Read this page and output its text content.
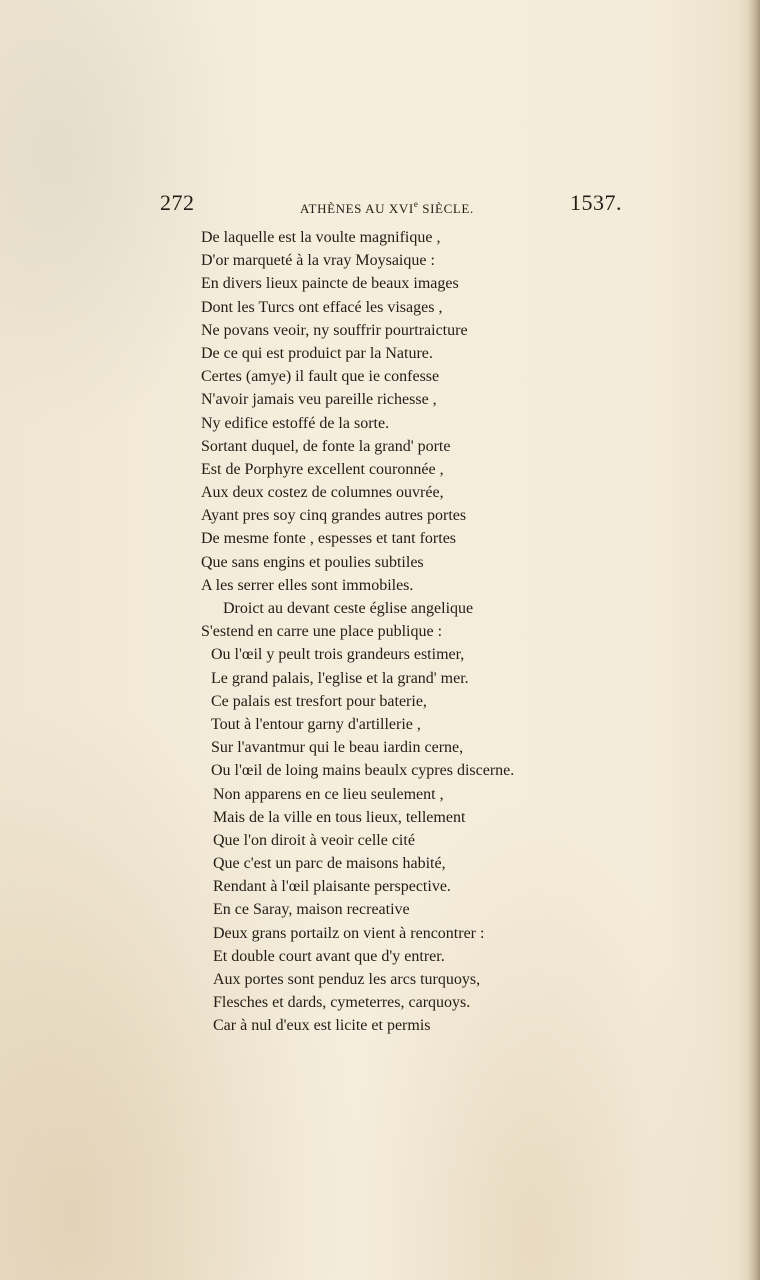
272	ATHÈNES AU XVIe SIÈCLE.	1537.
De laquelle est la voulte magnifique ,
D'or marqueté à la vray Moysaique :
En divers lieux paincte de beaux images
Dont les Turcs ont effacé les visages ,
Ne povans veoir, ny souffrir pourtraicture
De ce qui est produict par la Nature.
Certes (amye) il fault que ie confesse
N'avoir jamais veu pareille richesse ,
Ny edifice estoffé de la sorte.
Sortant duquel, de fonte la grand' porte
Est de Porphyre excellent couronnée ,
Aux deux costez de columnes ouvrée,
Ayant pres soy cinq grandes autres portes
De mesme fonte , espesses et tant fortes
Que sans engins et poulies subtiles
A les serrer elles sont immobiles.
Droict au devant ceste église angelique
S'estend en carre une place publique :
Ou l'œil y peult trois grandeurs estimer,
Le grand palais, l'eglise et la grand' mer.
Ce palais est tresfort pour baterie,
Tout à l'entour garny d'artillerie ,
Sur l'avantmur qui le beau iardin cerne,
Ou l'œil de loing mains beaulx cypres discerne.
Non apparens en ce lieu seulement ,
Mais de la ville en tous lieux, tellement
Que l'on diroit à veoir celle cité
Que c'est un parc de maisons habité,
Rendant à l'œil plaisante perspective.
En ce Saray, maison recreative
Deux grans portailz on vient à rencontrer :
Et double court avant que d'y entrer.
Aux portes sont penduz les arcs turquoys,
Flesches et dards, cymeterres, carquoys.
Car à nul d'eux est licite et permis
